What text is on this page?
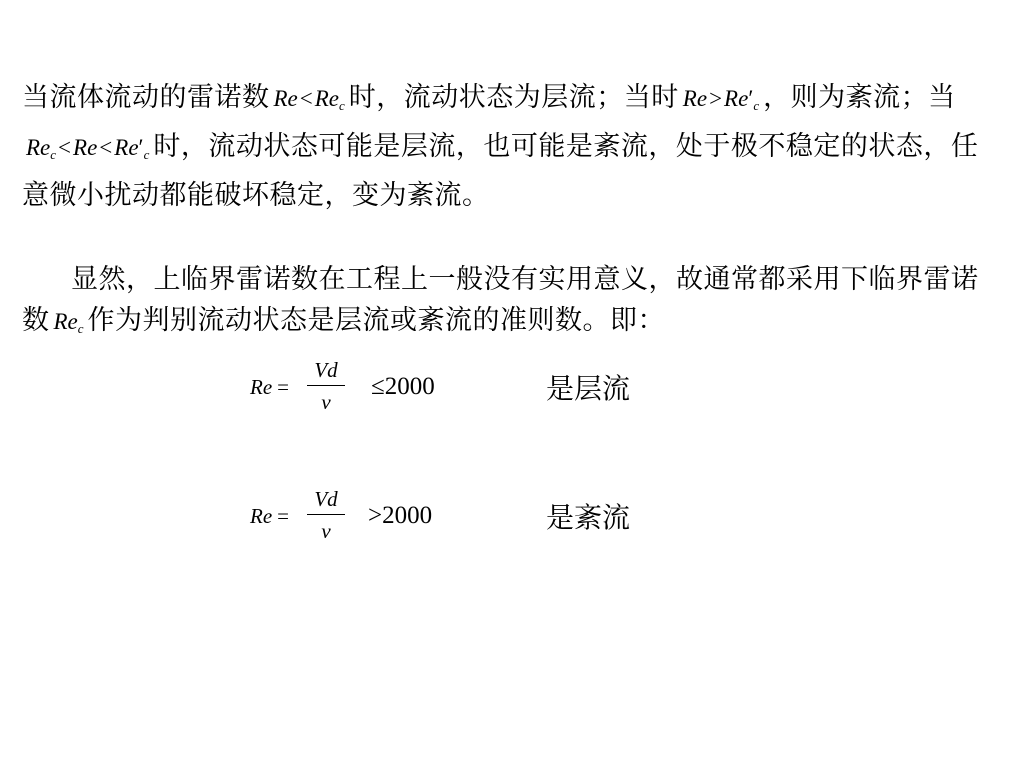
当流体流动的雷诺数 $Re<Re_c$ 时，流动状态为层流；当时 $Re>Re'_c$ ，则为紊流；当$Re_c<Re<Re'_c$ 时，流动状态可能是层流，也可能是紊流，处于极不稳定的状态，任意微小扰动都能破坏稳定，变为紊流。

显然，上临界雷诺数在工程上一般没有实用意义，故通常都采用下临界雷诺数 $Re_c$ 作为判别流动状态是层流或紊流的准则数。即：

Re =
Vd
ν
≤2000	是层流
Re =
Vd
ν
>2000	是紊流
